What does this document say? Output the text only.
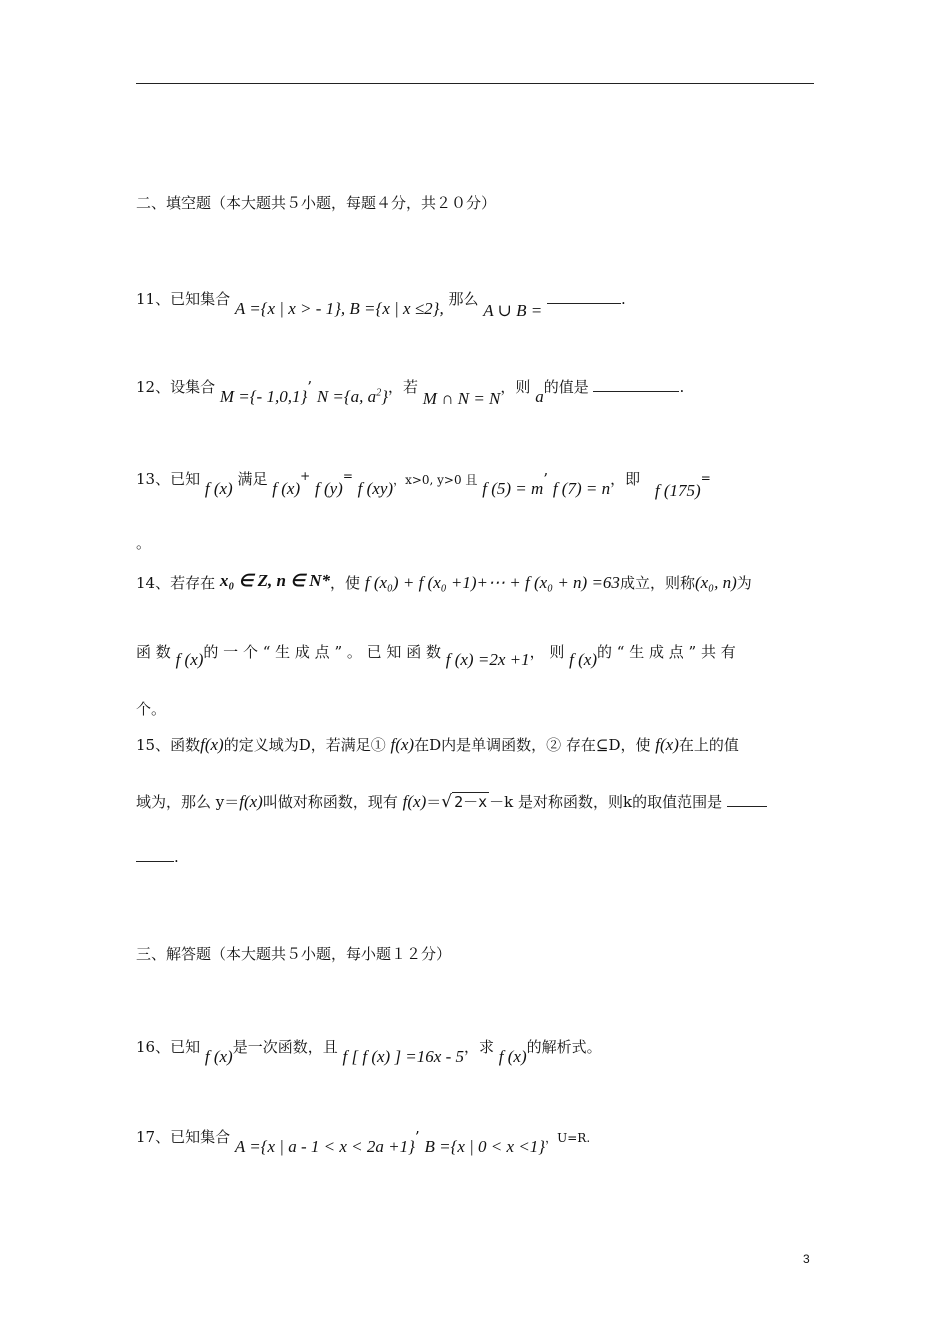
二、填空题（本大题共５小题，每题４分，共２０分）
11、已知集合 A ={x | x > - 1}, B ={x | x ≤2}, 那么 A ∪ B = .
12、设集合 M ={- 1,0,1}’ N ={a, $a^2$}，若 M ∩ N = N，则 a的值是	.
13、已知 f (x) 满足 f (x)+ f (y)= f (xy)，x>0, y>0 且 f (5) = m’ f (7) = n，即 f (175)=
。
14、若存在 x₀ ∈ Z, n ∈ N*，使 f (x₀) + f (x₀ +1)+⋯ + f (x₀ + n) =63成立，则称(x₀, n)为
函 数 f (x)的 一 个 “ 生 成 点 ” 。 已 知 函 数 f (x) =2x +1， 则 f (x)的 “ 生 成 点 ” 共 有
个。
15、函数f(x)的定义域为D，若满足① f(x)在D内是单调函数，② 存在⊆D，使 f(x)在上的值
域为，那么 y＝f(x)叫做对称函数，现有 f(x)＝√ 2－x －k 是对称函数，则k的取值范围是
.
三、解答题（本大题共５小题，每小题１２分）
16、已知 f (x)是一次函数，且 f [ f (x) ] =16x - 5，求 f (x)的解析式。
17、已知集合 A ={x | a - 1 < x < 2a +1}’ B ={x | 0 < x <1}，U=R.
3
